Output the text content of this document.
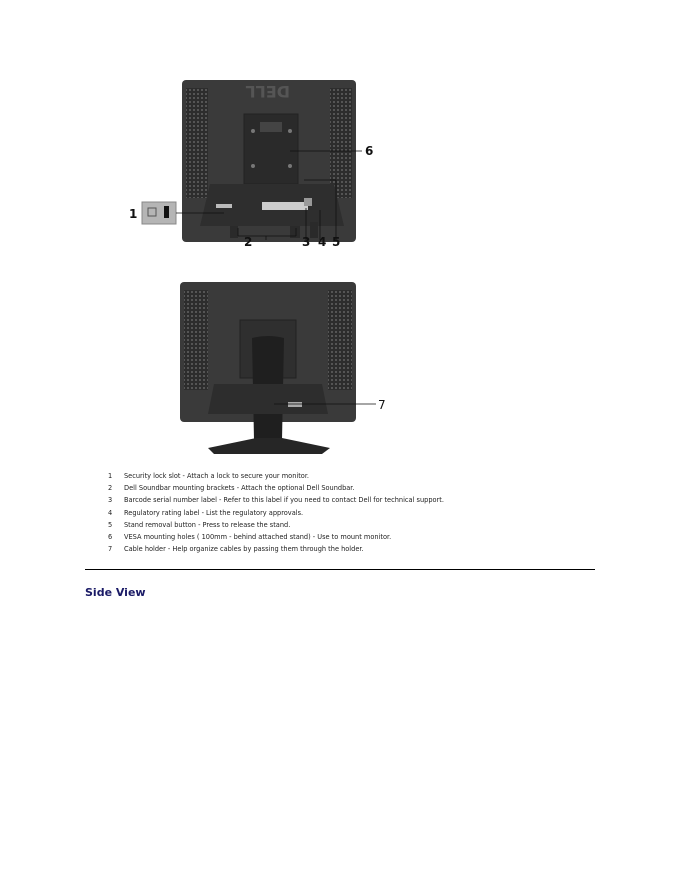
DELL
1
2	3 4 5
6
7
1	Security lock slot - Attach a lock to secure your monitor.
2	Dell Soundbar mounting brackets - Attach the optional Dell Soundbar.
3	Barcode serial number label - Refer to this label if you need to contact Dell for technical support.
4	Regulatory rating label - List the regulatory approvals.
5	Stand removal button - Press to release the stand.
6	VESA mounting holes ( 100mm - behind attached stand) - Use to mount monitor.
7	Cable holder - Help organize cables by passing them through the holder.
Side View
